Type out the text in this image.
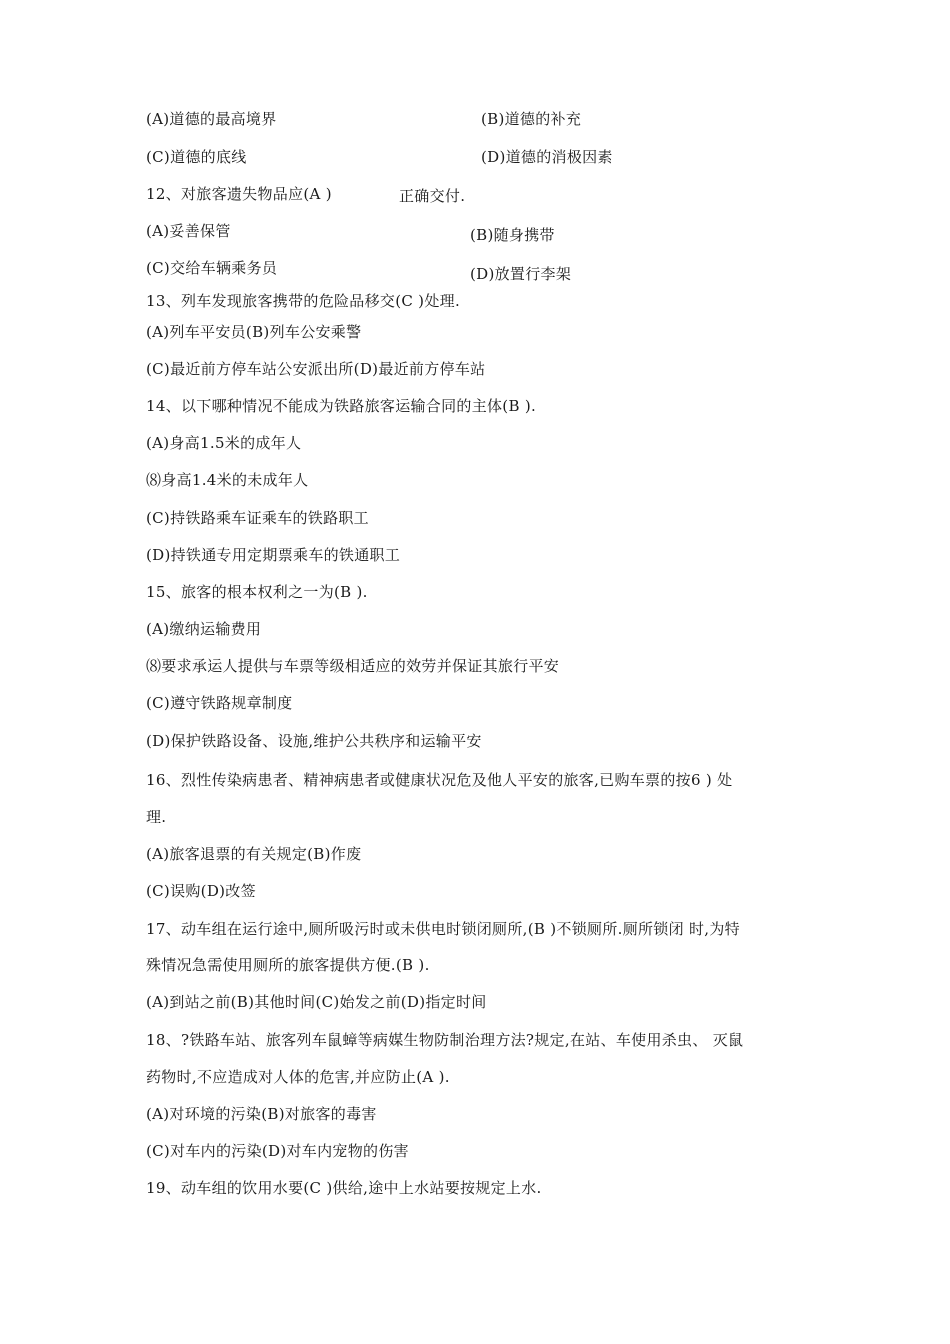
(A)道德的最高境界	(B)道德的补充
(C)道德的底线	(D)道德的消极因素
12、对旅客遗失物品应(A )	正确交付.
(A)妥善保管	(B)随身携带
(C)交给车辆乘务员	(D)放置行李架
13、列车发现旅客携带的危险品移交(C )处理.
(A)列车平安员(B)列车公安乘警
(C)最近前方停车站公安派出所(D)最近前方停车站
14、以下哪种情况不能成为铁路旅客运输合同的主体(B ).
(A)身高1.5米的成年人
⑻身高1.4米的未成年人
(C)持铁路乘车证乘车的铁路职工
(D)持铁通专用定期票乘车的铁通职工
15、旅客的根本权利之一为(B ).
(A)缴纳运输费用
⑻要求承运人提供与车票等级相适应的效劳并保证其旅行平安
(C)遵守铁路规章制度
(D)保护铁路设备、设施,维护公共秩序和运输平安
16、烈性传染病患者、精神病患者或健康状况危及他人平安的旅客,已购车票的按6 ) 处
理.
(A)旅客退票的有关规定(B)作废
(C)误购(D)改签
17、动车组在运行途中,厕所吸污时或未供电时锁闭厕所,(B )不锁厕所.厕所锁闭 时,为特
殊情况急需使用厕所的旅客提供方便.(B ).
(A)到站之前(B)其他时间(C)始发之前(D)指定时间
18、?铁路车站、旅客列车鼠蟑等病媒生物防制治理方法?规定,在站、车使用杀虫、 灭鼠
药物时,不应造成对人体的危害,并应防止(A ).
(A)对环境的污染(B)对旅客的毒害
(C)对车内的污染(D)对车内宠物的伤害
19、动车组的饮用水要(C )供给,途中上水站要按规定上水.
